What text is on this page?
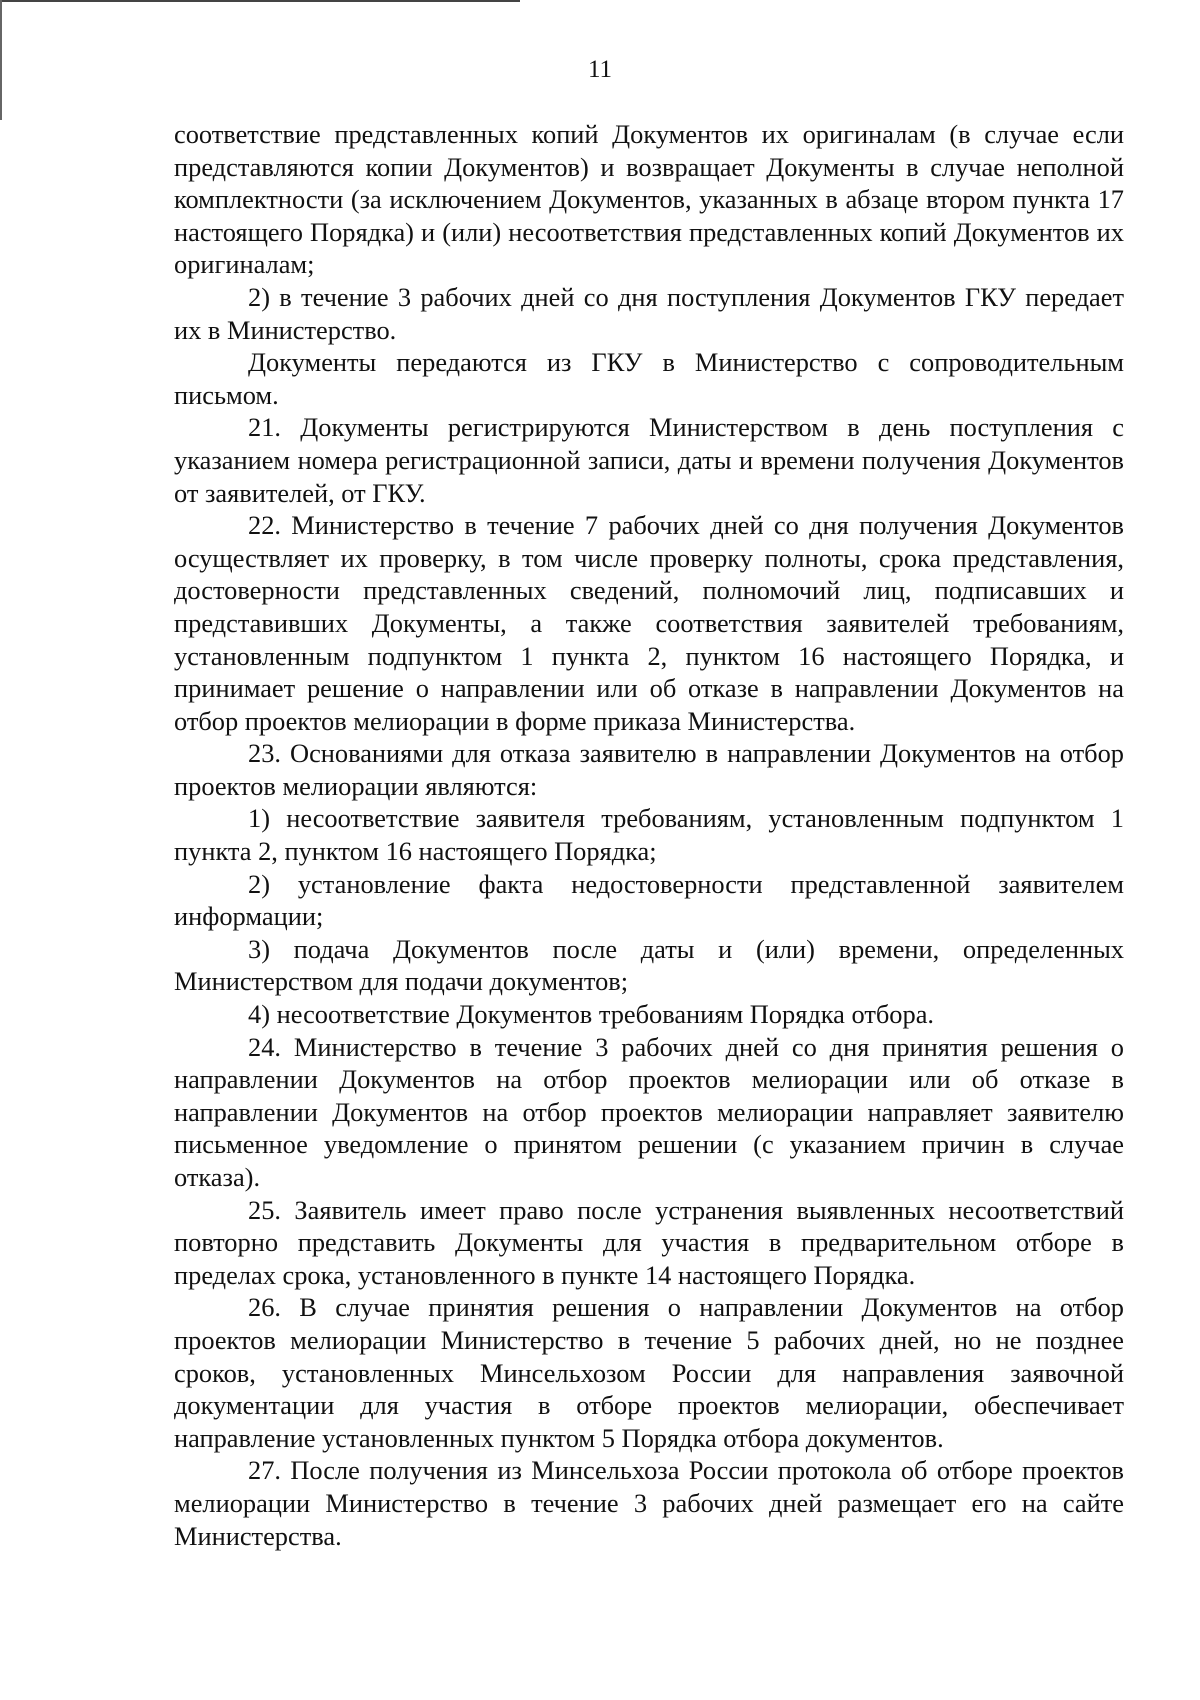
11

соответствие представленных копий Документов их оригиналам (в случае если представляются копии Документов) и возвращает Документы в случае неполной комплектности (за исключением Документов, указанных в абзаце втором пункта 17 настоящего Порядка) и (или) несоответствия представленных копий Документов их оригиналам;

2) в течение 3 рабочих дней со дня поступления Документов ГКУ передает их в Министерство.

Документы передаются из ГКУ в Министерство с сопроводительным письмом.

21. Документы регистрируются Министерством в день поступления с указанием номера регистрационной записи, даты и времени получения Документов от заявителей, от ГКУ.

22. Министерство в течение 7 рабочих дней со дня получения Документов осуществляет их проверку, в том числе проверку полноты, срока представления, достоверности представленных сведений, полномочий лиц, подписавших и представивших Документы, а также соответствия заявителей требованиям, установленным подпунктом 1 пункта 2, пунктом 16 настоящего Порядка, и принимает решение о направлении или об отказе в направлении Документов на отбор проектов мелиорации в форме приказа Министерства.

23. Основаниями для отказа заявителю в направлении Документов на отбор проектов мелиорации являются:

1) несоответствие заявителя требованиям, установленным подпунктом 1 пункта 2, пунктом 16 настоящего Порядка;

2) установление факта недостоверности представленной заявителем информации;

3) подача Документов после даты и (или) времени, определенных Министерством для подачи документов;

4) несоответствие Документов требованиям Порядка отбора.

24. Министерство в течение 3 рабочих дней со дня принятия решения о направлении Документов на отбор проектов мелиорации или об отказе в направлении Документов на отбор проектов мелиорации направляет заявителю письменное уведомление о принятом решении (с указанием причин в случае отказа).

25. Заявитель имеет право после устранения выявленных несоответствий повторно представить Документы для участия в предварительном отборе в пределах срока, установленного в пункте 14 настоящего Порядка.

26. В случае принятия решения о направлении Документов на отбор проектов мелиорации Министерство в течение 5 рабочих дней, но не позднее сроков, установленных Минсельхозом России для направления заявочной документации для участия в отборе проектов мелиорации, обеспечивает направление установленных пунктом 5 Порядка отбора документов.

27. После получения из Минсельхоза России протокола об отборе проектов мелиорации Министерство в течение 3 рабочих дней размещает его на сайте Министерства.
